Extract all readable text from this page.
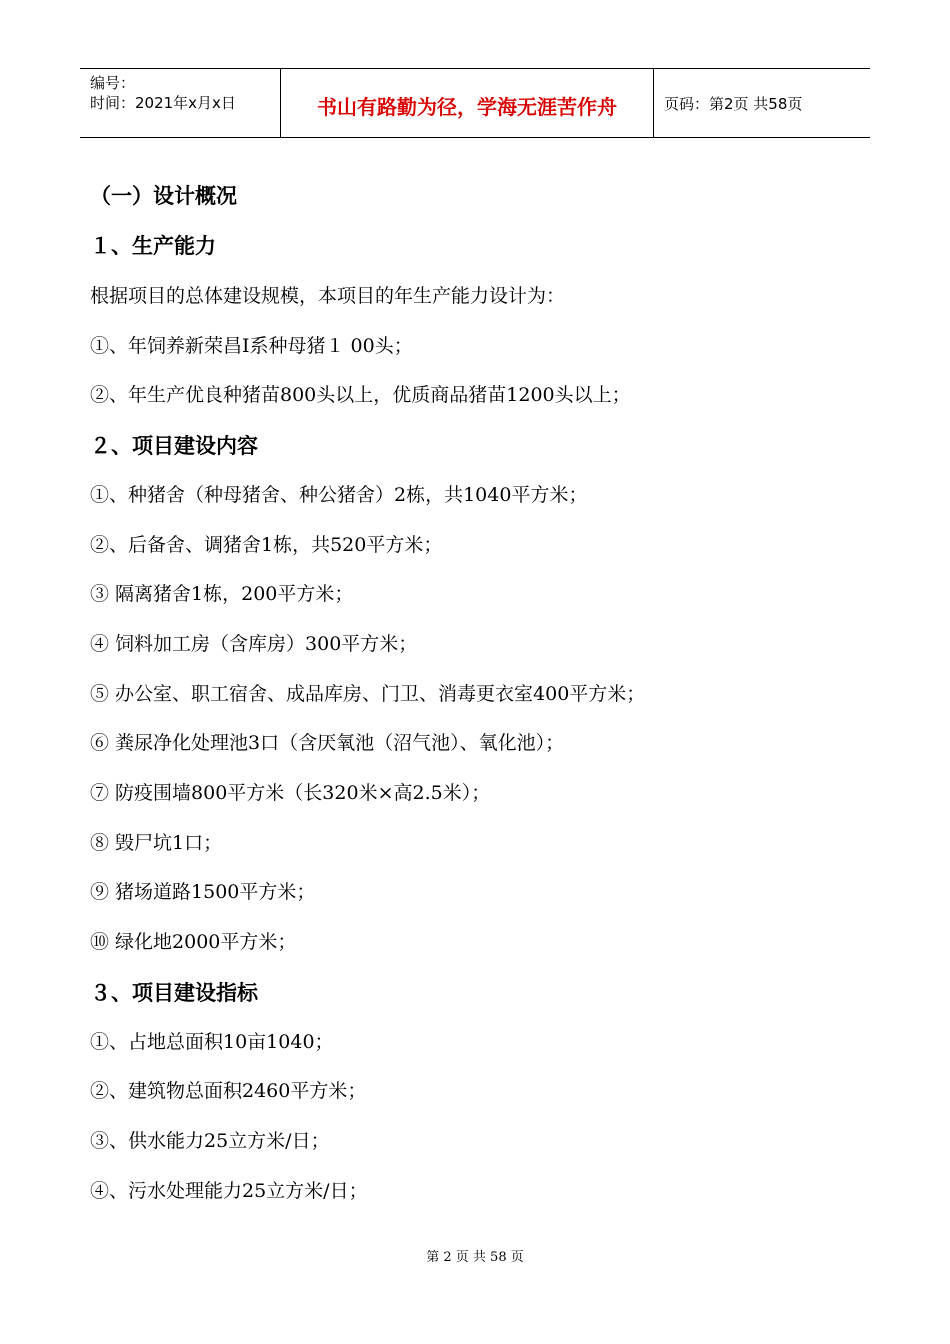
编号：
时间：2021年x月x日	书山有路勤为径，学海无涯苦作舟	页码：第2页 共58页
（一）设计概况
１、生产能力
根据项目的总体建设规模，本项目的年生产能力设计为：
①、年饲养新荣昌Ⅰ系种母猪１ 00头；
②、年生产优良种猪苗800头以上，优质商品猪苗1200头以上；
２、项目建设内容
①、种猪舍（种母猪舍、种公猪舍）2栋，共1040平方米；
②、后备舍、调猪舍1栋，共520平方米；
③ 隔离猪舍1栋，200平方米；
④ 饲料加工房（含库房）300平方米；
⑤ 办公室、职工宿舍、成品库房、门卫、消毒更衣室400平方米；
⑥ 粪尿净化处理池3口（含厌氧池（沼气池）、氧化池）；
⑦ 防疫围墙800平方米（长320米×高2.5米）；
⑧ 毁尸坑1口；
⑨ 猪场道路1500平方米；
⑩ 绿化地2000平方米；
３、项目建设指标
①、占地总面积10亩1040；
②、建筑物总面积2460平方米；
③、供水能力25立方米/日；
④、污水处理能力25立方米/日；
第 2 页 共 58 页
